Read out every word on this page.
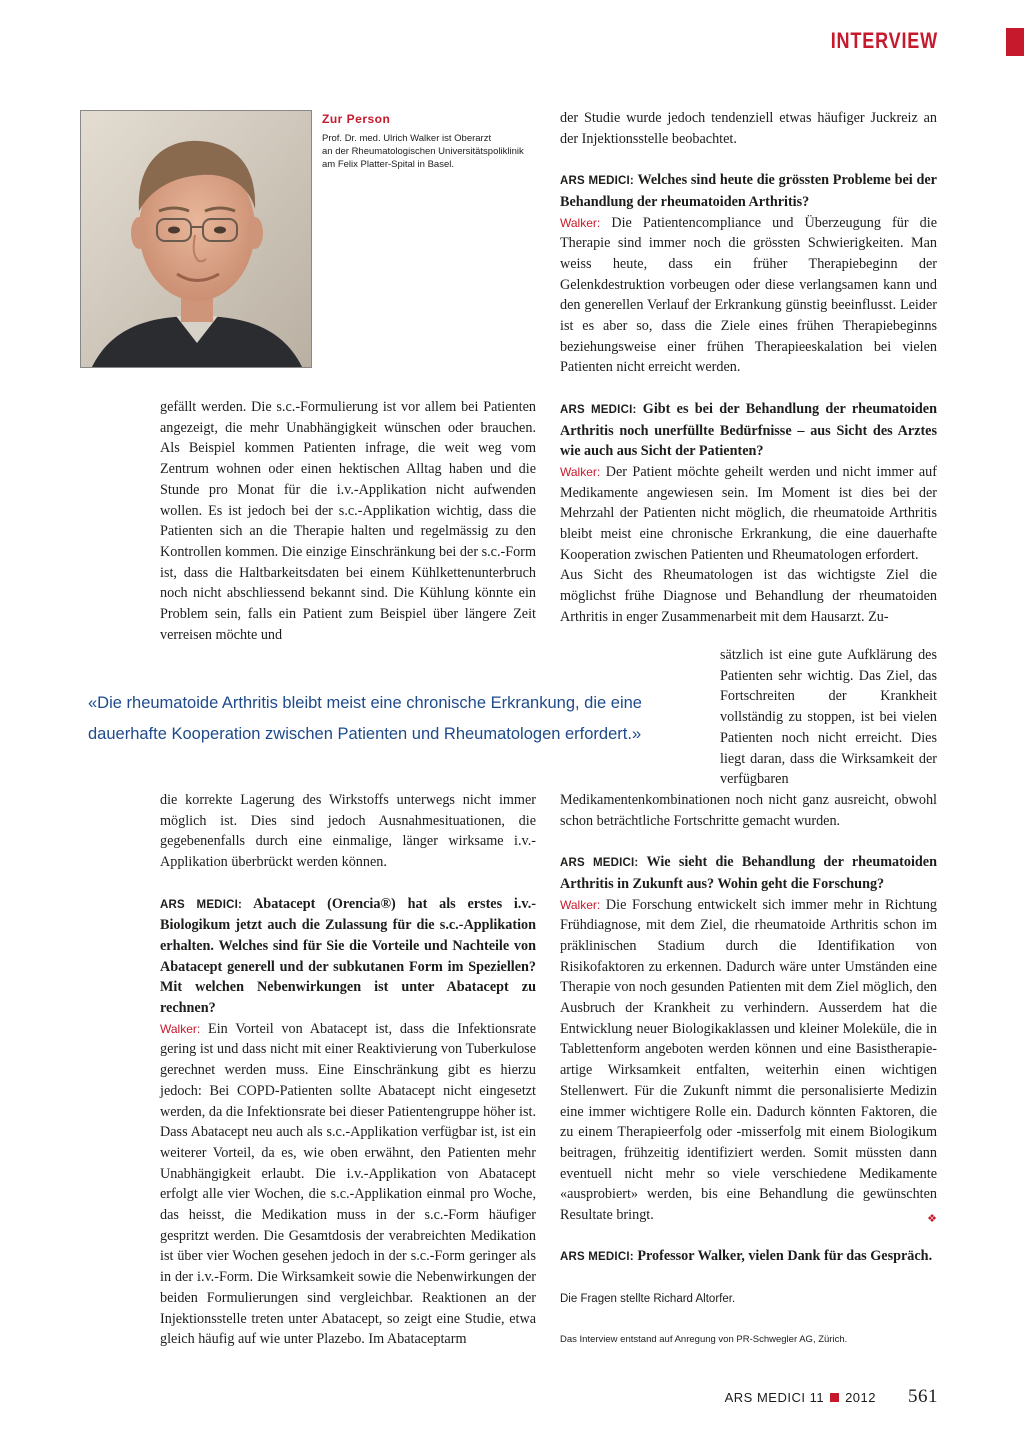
INTERVIEW
Zur Person
Prof. Dr. med. Ulrich Walker ist Oberarzt
an der Rheumatologischen Universitätspoliklinik
am Felix Platter-Spital in Basel.

gefällt werden. Die s.c.-Formulierung ist vor allem bei Patienten angezeigt, die mehr Unabhängigkeit wünschen oder brauchen. Als Beispiel kommen Patienten infrage, die weit weg vom Zentrum wohnen oder einen hektischen Alltag haben und die Stunde pro Monat für die i.v.-Applikation nicht aufwenden wollen. Es ist jedoch bei der s.c.-Applikation wichtig, dass die Patienten sich an die Therapie halten und regelmässig zu den Kontrollen kommen. Die einzige Einschränkung bei der s.c.-Form ist, dass die Haltbarkeitsdaten bei einem Kühlkettenunterbruch noch nicht abschliessend bekannt sind. Die Kühlung könnte ein Problem sein, falls ein Patient zum Beispiel über längere Zeit verreisen möchte und

«Die rheumatoide Arthritis bleibt meist eine chronische Erkrankung, die eine
dauerhafte Kooperation zwischen Patienten und Rheumatologen erfordert.»

die korrekte Lagerung des Wirkstoffs unterwegs nicht immer möglich ist. Dies sind jedoch Ausnahmesituationen, die gegebenenfalls durch eine einmalige, länger wirksame i.v.-Applikation überbrückt werden können.

ARS MEDICI: Abatacept (Orencia®) hat als erstes i.v.-Biologikum jetzt auch die Zulassung für die s.c.-Applikation erhalten. Welches sind für Sie die Vorteile und Nachteile von Abatacept generell und der subkutanen Form im Speziellen? Mit welchen Nebenwirkungen ist unter Abatacept zu rechnen?

Walker: Ein Vorteil von Abatacept ist, dass die Infektionsrate gering ist und dass nicht mit einer Reaktivierung von Tuberkulose gerechnet werden muss. Eine Einschränkung gibt es hierzu jedoch: Bei COPD-Patienten sollte Abatacept nicht eingesetzt werden, da die Infektionsrate bei dieser Patientengruppe höher ist. Dass Abatacept neu auch als s.c.-Applikation verfügbar ist, ist ein weiterer Vorteil, da es, wie oben erwähnt, den Patienten mehr Unabhängigkeit erlaubt. Die i.v.-Applikation von Abatacept erfolgt alle vier Wochen, die s.c.-Applikation einmal pro Woche, das heisst, die Medikation muss in der s.c.-Form häufiger gespritzt werden. Die Gesamtdosis der verabreichten Medikation ist über vier Wochen gesehen jedoch in der s.c.-Form geringer als in der i.v.-Form. Die Wirksamkeit sowie die Nebenwirkungen der beiden Formulierungen sind vergleichbar. Reaktionen an der Injektionsstelle treten unter Abatacept, so zeigt eine Studie, etwa gleich häufig auf wie unter Plazebo. Im Abataceptarm

der Studie wurde jedoch tendenziell etwas häufiger Juckreiz an der Injektionsstelle beobachtet.

ARS MEDICI: Welches sind heute die grössten Probleme bei der Behandlung der rheumatoiden Arthritis?

Walker: Die Patientencompliance und Überzeugung für die Therapie sind immer noch die grössten Schwierigkeiten. Man weiss heute, dass ein früher Therapiebeginn der Gelenkdestruktion vorbeugen oder diese verlangsamen kann und den generellen Verlauf der Erkrankung günstig beeinflusst. Leider ist es aber so, dass die Ziele eines frühen Therapiebeginns beziehungsweise einer frühen Therapieeskalation bei vielen Patienten nicht erreicht werden.

ARS MEDICI: Gibt es bei der Behandlung der rheumatoiden Arthritis noch unerfüllte Bedürfnisse – aus Sicht des Arztes wie auch aus Sicht der Patienten?

Walker: Der Patient möchte geheilt werden und nicht immer auf Medikamente angewiesen sein. Im Moment ist dies bei der Mehrzahl der Patienten nicht möglich, die rheumatoide Arthritis bleibt meist eine chronische Erkrankung, die eine dauerhafte Kooperation zwischen Patienten und Rheumatologen erfordert.

Aus Sicht des Rheumatologen ist das wichtigste Ziel die möglichst frühe Diagnose und Behandlung der rheumatoiden Arthritis in enger Zusammenarbeit mit dem Hausarzt. Zu-

sätzlich ist eine gute Aufklärung des Patienten sehr wichtig. Das Ziel, das Fortschreiten der Krankheit vollständig zu stoppen, ist bei vielen Patienten noch nicht erreicht. Dies liegt daran, dass die Wirksamkeit der verfügbaren

Medikamentenkombinationen noch nicht ganz ausreicht, obwohl schon beträchtliche Fortschritte gemacht wurden.

ARS MEDICI: Wie sieht die Behandlung der rheumatoiden Arthritis in Zukunft aus? Wohin geht die Forschung?

Walker: Die Forschung entwickelt sich immer mehr in Richtung Frühdiagnose, mit dem Ziel, die rheumatoide Arthritis schon im präklinischen Stadium durch die Identifikation von Risikofaktoren zu erkennen. Dadurch wäre unter Umständen eine Therapie von noch gesunden Patienten mit dem Ziel möglich, den Ausbruch der Krankheit zu verhindern. Ausserdem hat die Entwicklung neuer Biologikaklassen und kleiner Moleküle, die in Tablettenform angeboten werden können und eine Basistherapie-artige Wirksamkeit entfalten, weiterhin einen wichtigen Stellenwert. Für die Zukunft nimmt die personalisierte Medizin eine immer wichtigere Rolle ein. Dadurch könnten Faktoren, die zu einem Therapieerfolg oder -misserfolg mit einem Biologikum beitragen, frühzeitig identifiziert werden. Somit müssten dann eventuell nicht mehr so viele verschiedene Medikamente «ausprobiert» werden, bis eine Behandlung die gewünschten Resultate bringt.	❖

ARS MEDICI: Professor Walker, vielen Dank für das Gespräch.

Die Fragen stellte Richard Altorfer.

Das Interview entstand auf Anregung von PR-Schwegler AG, Zürich.

ARS MEDICI 11 2012 561
